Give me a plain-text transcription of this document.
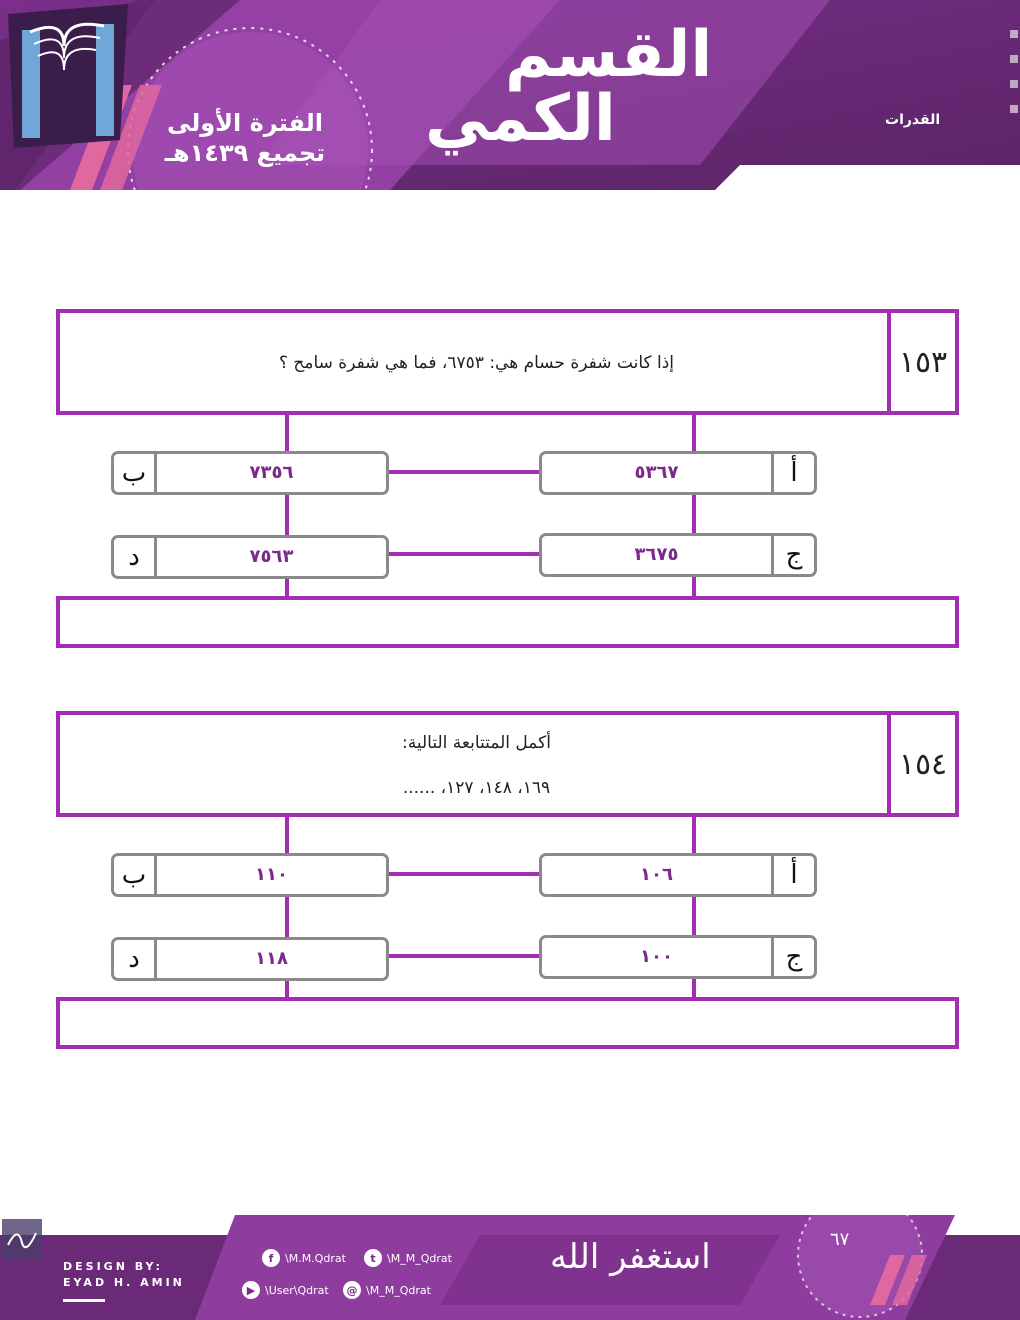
القسم
الكمي
الفترة الأولى
تجميع ١٤٣٩هـ
القدرات
إذا كانت شفرة حسام هي: ٦٧٥٣، فما هي شفرة سامح ؟	١٥٣
٥٣٦٧	أ
ب	٧٣٥٦
٣٦٧٥	ج
د	٧٥٦٣
أكمل المتتابعة التالية:
١٦٩، ١٤٨، ١٢٧، ......
١٥٤
١٠٦	أ
ب	١١٠
١٠٠	ج
د	١١٨
DESIGN BY:
EYAD H. AMIN
f	\M.M.Qdrat	t	\M_M_Qdrat
▶ \User\Qdrat	@ \M_M_Qdrat
استغفر الله	٦٧
